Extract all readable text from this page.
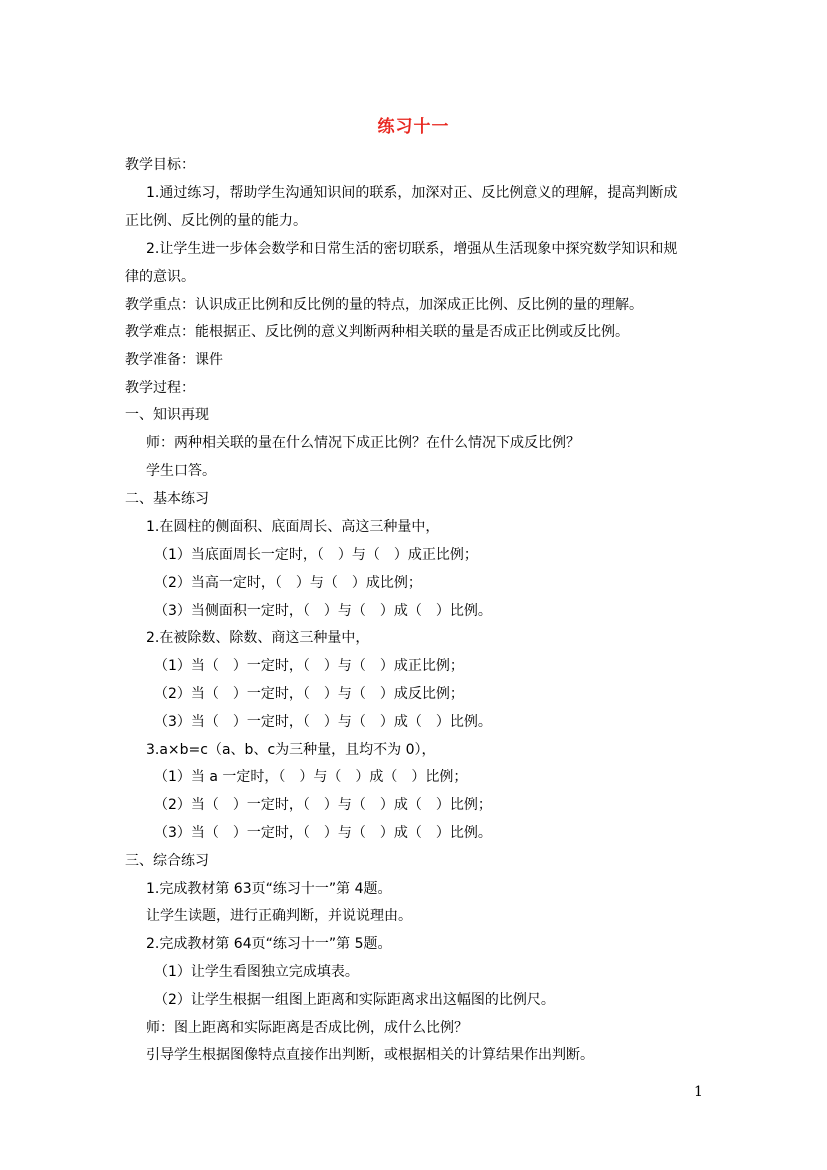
练习十一
教学目标：
1.通过练习，帮助学生沟通知识间的联系，加深对正、反比例意义的理解，提高判断成
正比例、反比例的量的能力。
2.让学生进一步体会数学和日常生活的密切联系，增强从生活现象中探究数学知识和规
律的意识。
教学重点：认识成正比例和反比例的量的特点，加深成正比例、反比例的量的理解。
教学难点：能根据正、反比例的意义判断两种相关联的量是否成正比例或反比例。
教学准备：课件
教学过程：
一、知识再现
师：两种相关联的量在什么情况下成正比例？在什么情况下成反比例？
学生口答。
二、基本练习
1.在圆柱的侧面积、底面周长、高这三种量中，
（1）当底面周长一定时，（　）与（　）成正比例；
（2）当高一定时，（　）与（　）成比例；
（3）当侧面积一定时，（　）与（　）成（　）比例。
2.在被除数、除数、商这三种量中，
（1）当（　）一定时，（　）与（　）成正比例；
（2）当（　）一定时，（　）与（　）成反比例；
（3）当（　）一定时，（　）与（　）成（　）比例。
3.a×b=c（a、b、c为三种量，且均不为 0），
（1）当 a 一定时，（　）与（　）成（　）比例；
（2）当（　）一定时，（　）与（　）成（　）比例；
（3）当（　）一定时，（　）与（　）成（　）比例。
三、综合练习
1.完成教材第 63页“练习十一”第 4题。
让学生读题，进行正确判断，并说说理由。
2.完成教材第 64页“练习十一”第 5题。
（1）让学生看图独立完成填表。
（2）让学生根据一组图上距离和实际距离求出这幅图的比例尺。
师：图上距离和实际距离是否成比例，成什么比例？
引导学生根据图像特点直接作出判断，或根据相关的计算结果作出判断。
1
